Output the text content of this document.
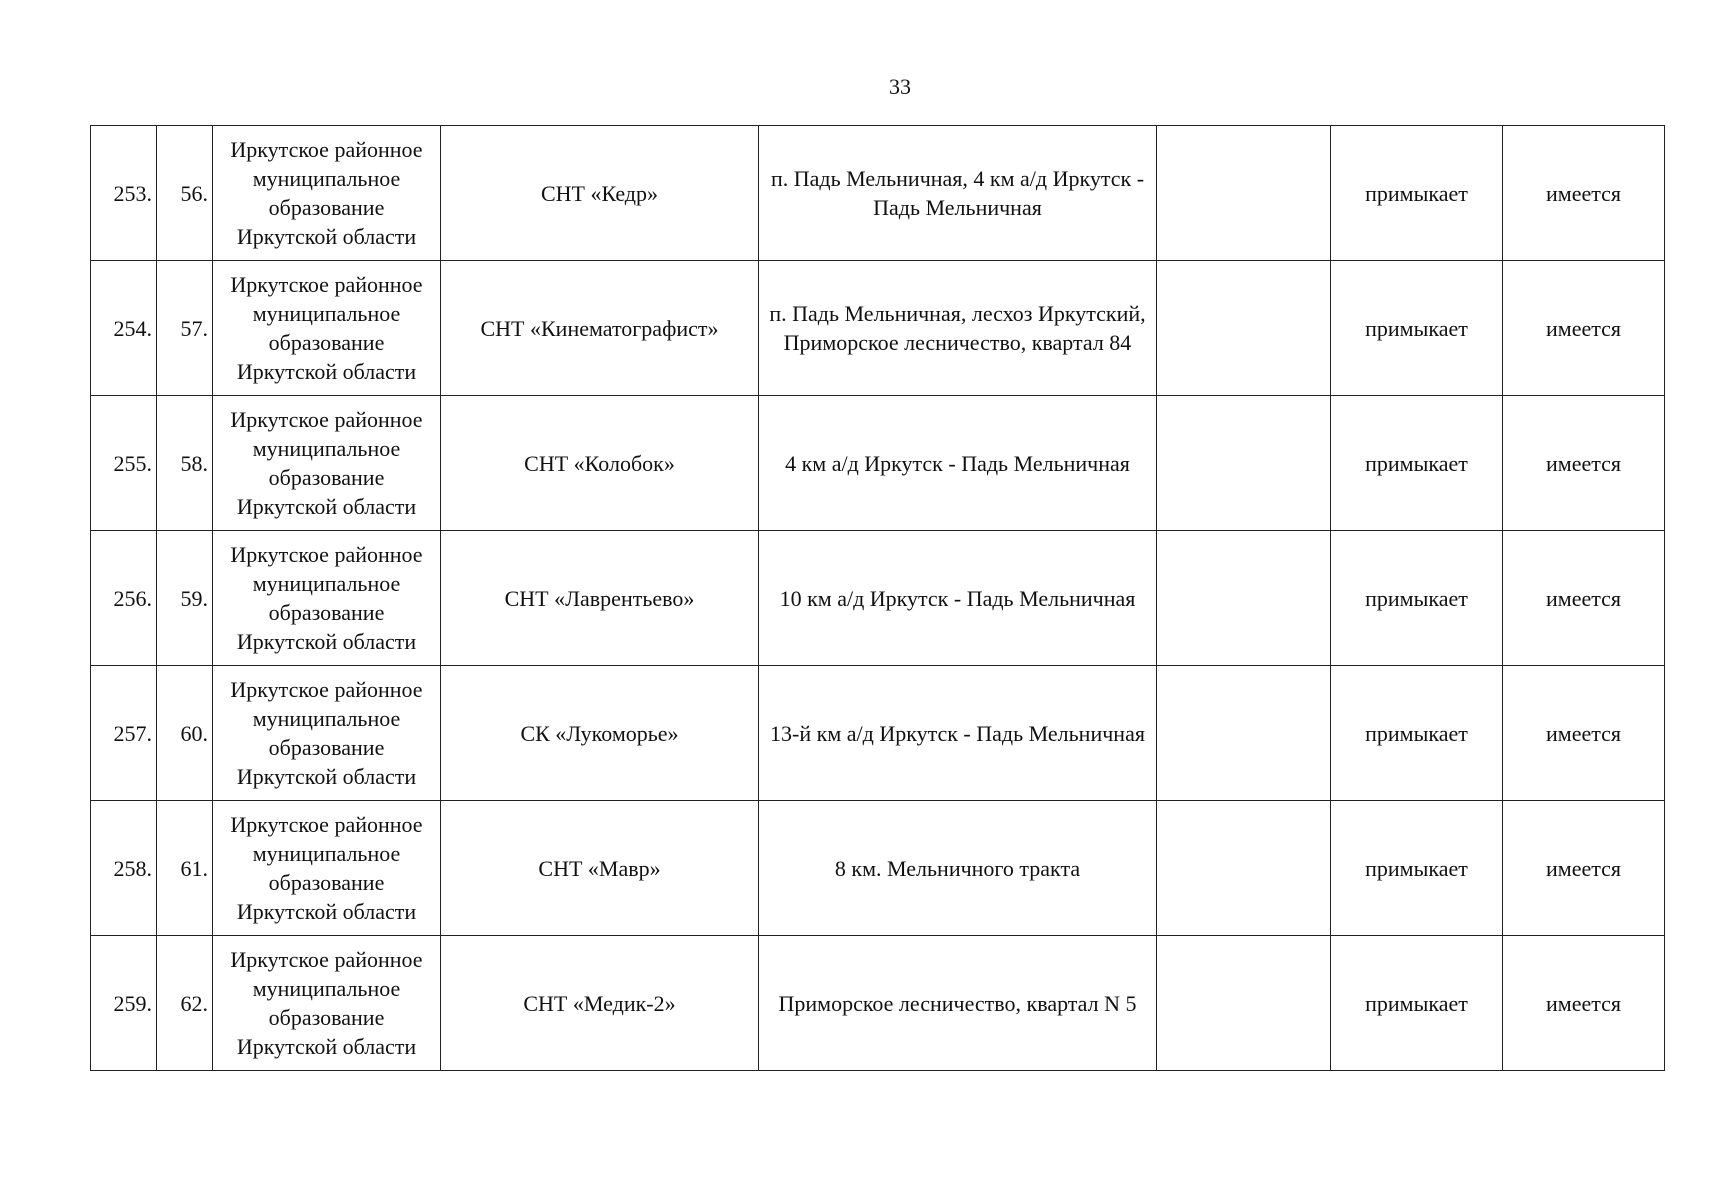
33
253.	56.	Иркутское районное муниципальное образование Иркутской области	СНТ «Кедр»	п. Падь Мельничная, 4 км а/д Иркутск - Падь Мельничная		примыкает	имеется
254.	57.	Иркутское районное муниципальное образование Иркутской области	СНТ «Кинематографист»	п. Падь Мельничная, лесхоз Иркутский, Приморское лесничество, квартал 84		примыкает	имеется
255.	58.	Иркутское районное муниципальное образование Иркутской области	СНТ «Колобок»	4 км а/д Иркутск - Падь Мельничная		примыкает	имеется
256.	59.	Иркутское районное муниципальное образование Иркутской области	СНТ «Лаврентьево»	10 км а/д Иркутск - Падь Мельничная		примыкает	имеется
257.	60.	Иркутское районное муниципальное образование Иркутской области	СК «Лукоморье»	13-й км а/д Иркутск - Падь Мельничная		примыкает	имеется
258.	61.	Иркутское районное муниципальное образование Иркутской области	СНТ «Мавр»	8 км. Мельничного тракта		примыкает	имеется
259.	62.	Иркутское районное муниципальное образование Иркутской области	СНТ «Медик-2»	Приморское лесничество, квартал N 5		примыкает	имеется
